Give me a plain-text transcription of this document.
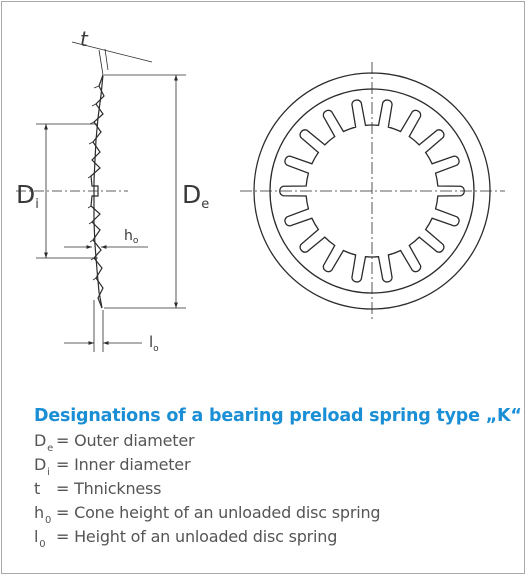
t
$D_i$	$D_e$
$h_o$
$l_o$
Designations of a bearing preload spring type „K“
$D_e$ = Outer diameter
$D_i$ = Inner diameter
t = Thnickness
$h_0$ = Cone height of an unloaded disc spring
$l_0$ = Height of an unloaded disc spring
